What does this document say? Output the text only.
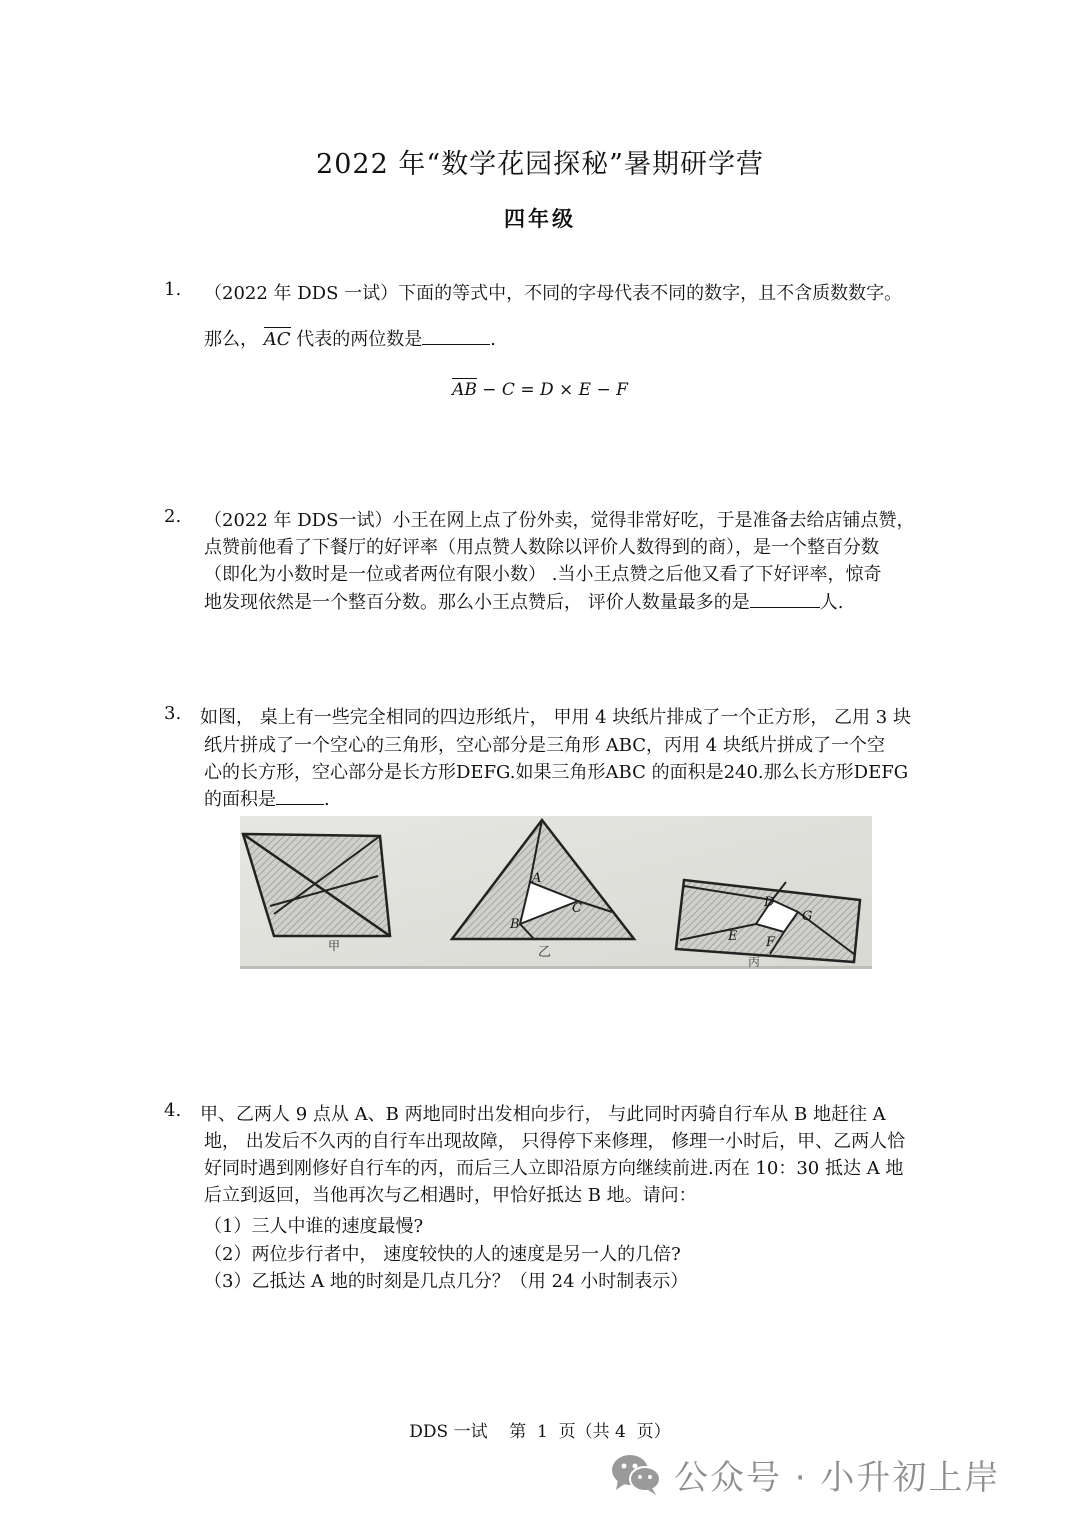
2022 年“数学花园探秘”暑期研学营
四年级
1. （2022 年 DDS 一试）下面的等式中，不同的字母代表不同的数字，且不含质数数字。
那么， AC 代表的两位数是	.
AB − C = D × E − F
2. （2022 年 DDS一试）小王在网上点了份外卖，觉得非常好吃，于是准备去给店铺点赞，
点赞前他看了下餐厅的好评率（用点赞人数除以评价人数得到的商），是一个整百分数
（即化为小数时是一位或者两位有限小数） .当小王点赞之后他又看了下好评率，惊奇
地发现依然是一个整百分数。那么小王点赞后， 评价人数量最多的是	人.
3. 如图， 桌上有一些完全相同的四边形纸片， 甲用 4 块纸片排成了一个正方形， 乙用 3 块
纸片拼成了一个空心的三角形，空心部分是三角形 ABC，丙用 4 块纸片拼成了一个空
心的长方形，空心部分是长方形DEFG.如果三角形ABC 的面积是240.那么长方形DEFG
的面积是	.
甲
A
B
C
乙
D
G
E F
丙
4. 甲、乙两人 9 点从 A、B 两地同时出发相向步行， 与此同时丙骑自行车从 B 地赶往 A
地， 出发后不久丙的自行车出现故障， 只得停下来修理， 修理一小时后，甲、乙两人恰
好同时遇到刚修好自行车的丙，而后三人立即沿原方向继续前进.丙在 10：30 抵达 A 地
后立到返回，当他再次与乙相遇时，甲恰好抵达 B 地。请问：
（1）三人中谁的速度最慢?
（2）两位步行者中， 速度较快的人的速度是另一人的几倍?
（3）乙抵达 A 地的时刻是几点几分？（用 24 小时制表示）
DDS 一试    第  1  页（共 4  页）
公众号 · 小升初上岸
